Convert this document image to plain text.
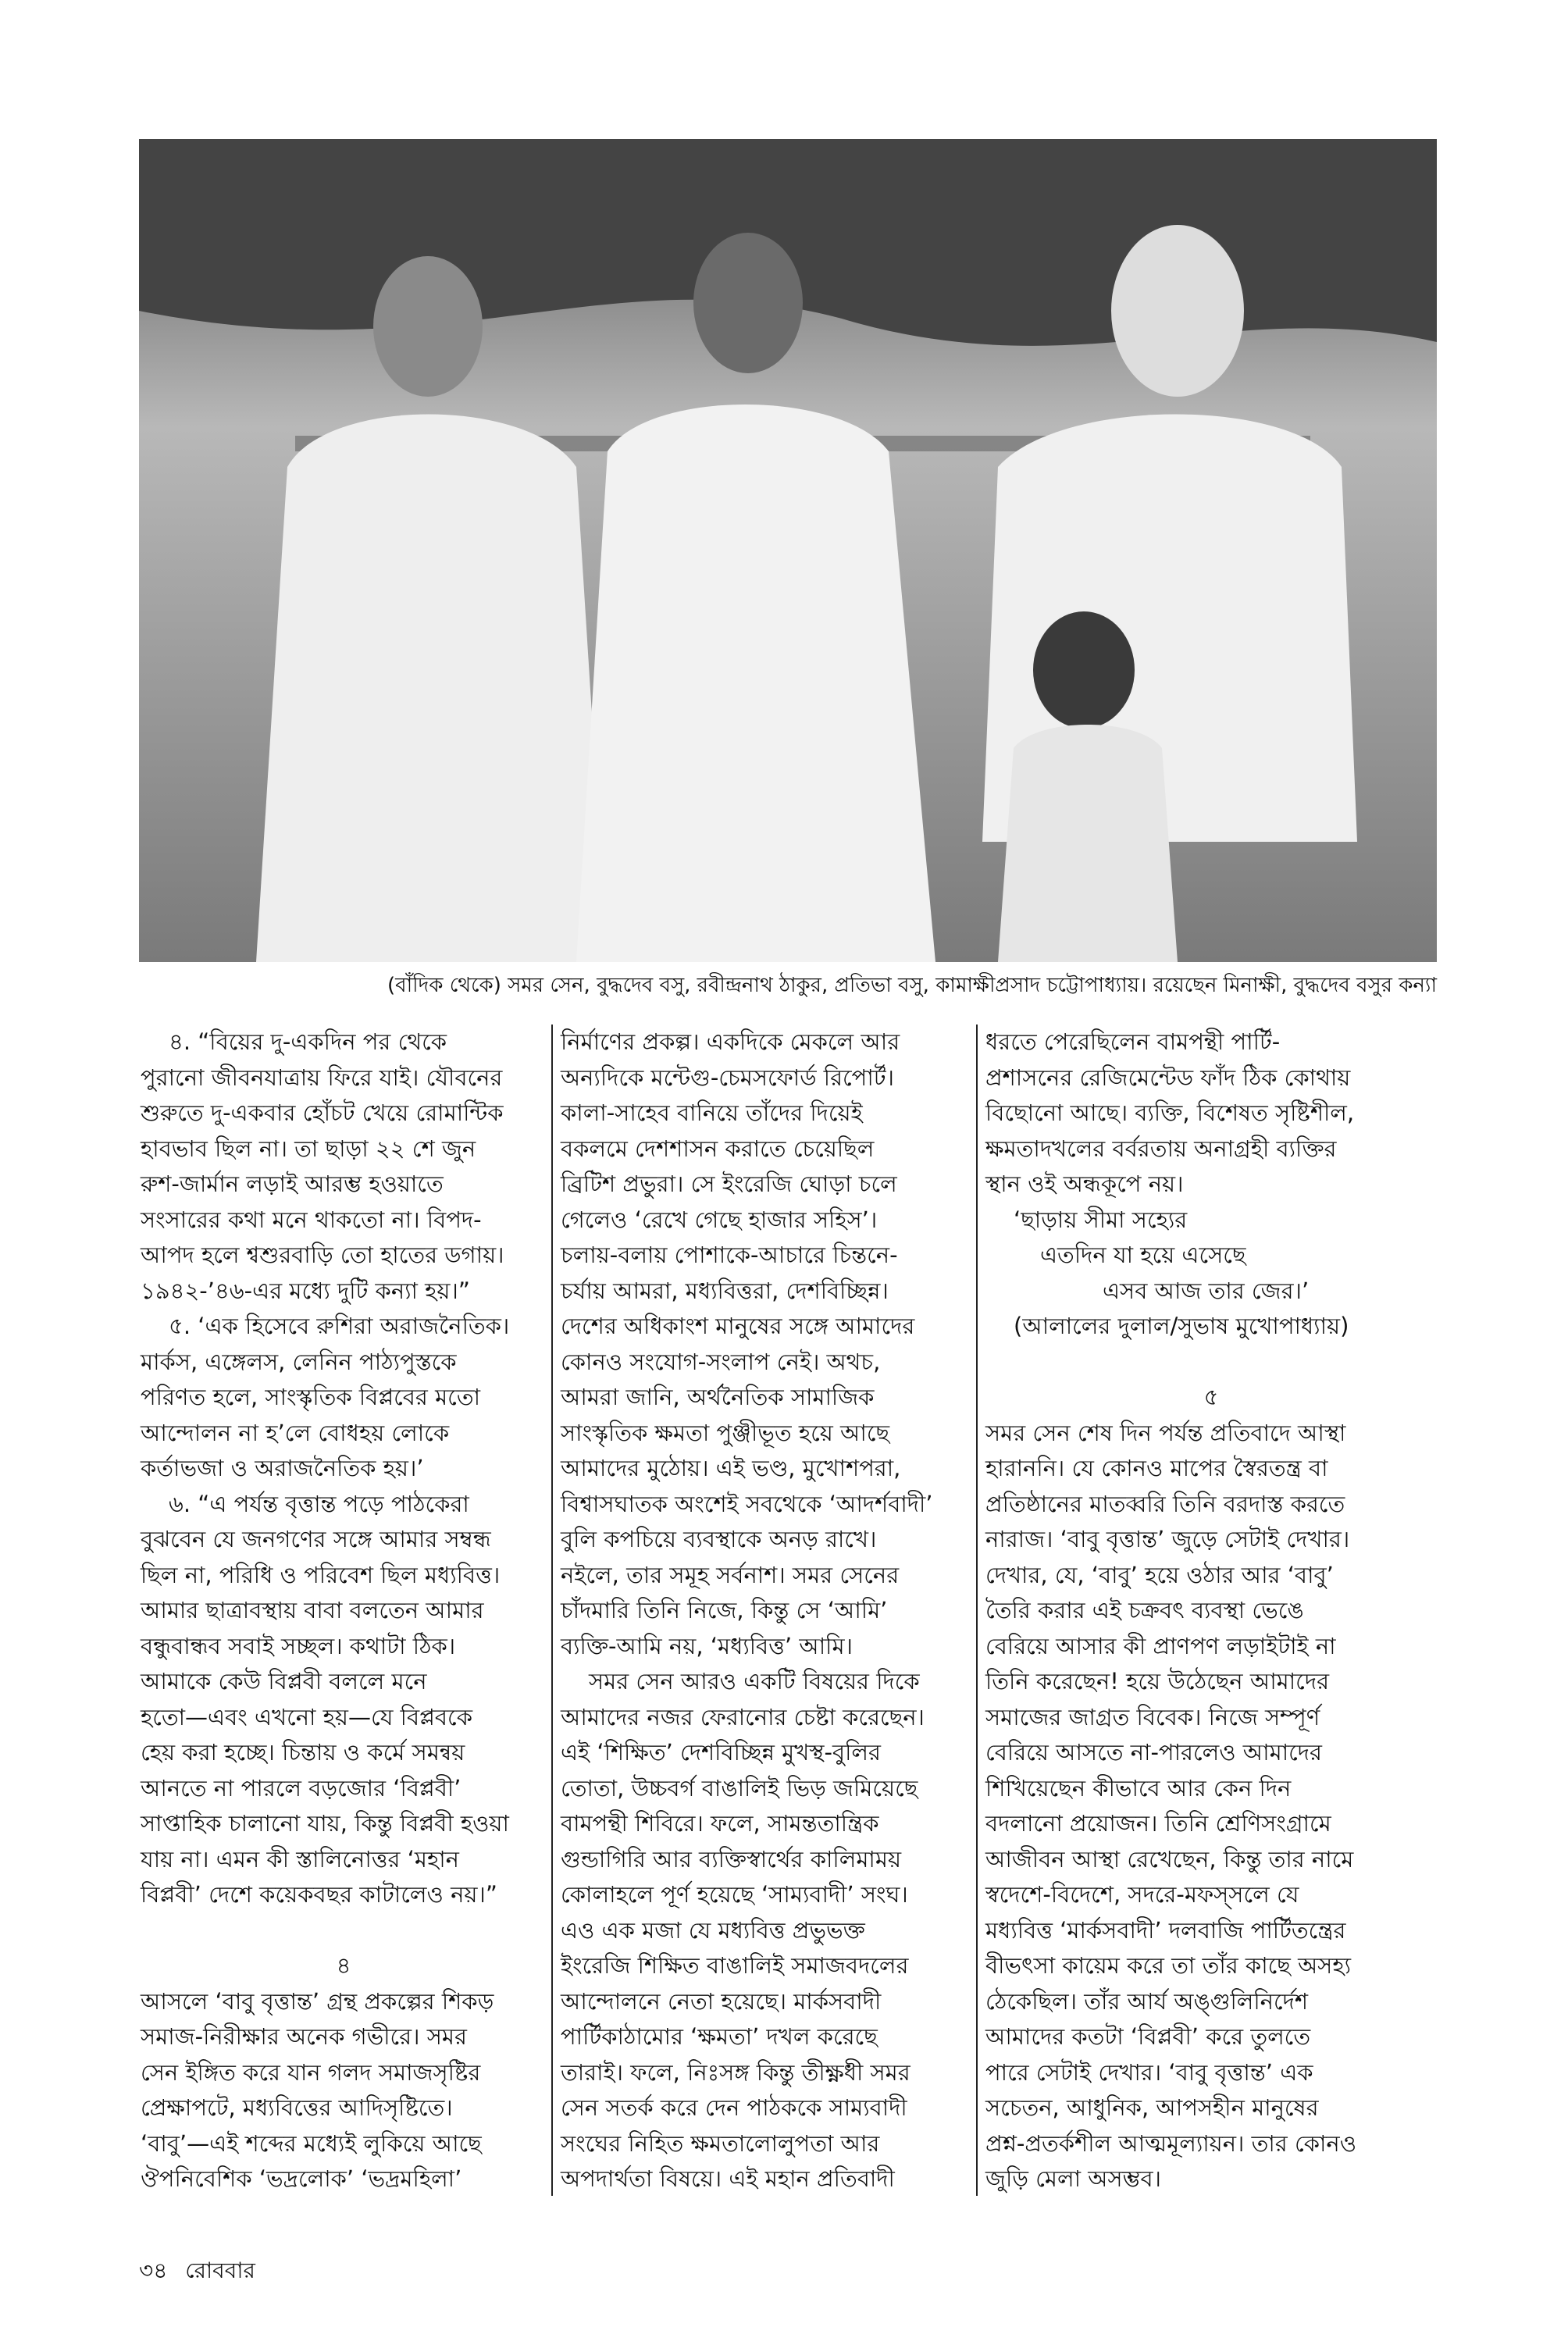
(বাঁদিক থেকে) সমর সেন, বুদ্ধদেব বসু, রবীন্দ্রনাথ ঠাকুর, প্রতিভা বসু, কামাক্ষীপ্রসাদ চট্টোপাধ্যায়। রয়েছেন মিনাক্ষী, বুদ্ধদেব বসুর কন্যা
৪. “বিয়ের দু-একদিন পর থেকে
পুরানো জীবনযাত্রায় ফিরে যাই। যৌবনের
শুরুতে দু-একবার হোঁচট খেয়ে রোমান্টিক
হাবভাব ছিল না। তা ছাড়া ২২ শে জুন
রুশ-জার্মান লড়াই আরম্ভ হওয়াতে
সংসারের কথা মনে থাকতো না। বিপদ-
আপদ হলে শ্বশুরবাড়ি তো হাতের ডগায়।
১৯৪২-’৪৬-এর মধ্যে দুটি কন্যা হয়।”
৫. ‘এক হিসেবে রুশিরা অরাজনৈতিক।
মার্কস, এঙ্গেলস, লেনিন পাঠ্যপুস্তকে
পরিণত হলে, সাংস্কৃতিক বিপ্লবের মতো
আন্দোলন না হ’লে বোধহয় লোকে
কর্তাভজা ও অরাজনৈতিক হয়।’
৬. “এ পর্যন্ত বৃত্তান্ত পড়ে পাঠকেরা
বুঝবেন যে জনগণের সঙ্গে আমার সম্বন্ধ
ছিল না, পরিধি ও পরিবেশ ছিল মধ্যবিত্ত।
আমার ছাত্রাবস্থায় বাবা বলতেন আমার
বন্ধুবান্ধব সবাই সচ্ছল। কথাটা ঠিক।
আমাকে কেউ বিপ্লবী বললে মনে
হতো—এবং এখনো হয়—যে বিপ্লবকে
হেয় করা হচ্ছে। চিন্তায় ও কর্মে সমন্বয়
আনতে না পারলে বড়জোর ‘বিপ্লবী’
সাপ্তাহিক চালানো যায়, কিন্তু বিপ্লবী হওয়া
যায় না। এমন কী স্তালিনোত্তর ‘মহান
বিপ্লবী’ দেশে কয়েকবছর কাটালেও নয়।”
৪
আসলে ‘বাবু বৃত্তান্ত’ গ্রন্থ প্রকল্পের শিকড়
সমাজ-নিরীক্ষার অনেক গভীরে। সমর
সেন ইঙ্গিত করে যান গলদ সমাজসৃষ্টির
প্রেক্ষাপটে, মধ্যবিত্তের আদিসৃষ্টিতে।
‘বাবু’—এই শব্দের মধ্যেই লুকিয়ে আছে
ঔপনিবেশিক ‘ভদ্রলোক’ ‘ভদ্রমহিলা’
নির্মাণের প্রকল্প। একদিকে মেকলে আর
অন্যদিকে মন্টেগু-চেমসফোর্ড রিপোর্ট।
কালা-সাহেব বানিয়ে তাঁদের দিয়েই
বকলমে দেশশাসন করাতে চেয়েছিল
ব্রিটিশ প্রভুরা। সে ইংরেজি ঘোড়া চলে
গেলেও ‘রেখে গেছে হাজার সহিস’।
চলায়-বলায় পোশাকে-আচারে চিন্তনে-
চর্যায় আমরা, মধ্যবিত্তরা, দেশবিচ্ছিন্ন।
দেশের অধিকাংশ মানুষের সঙ্গে আমাদের
কোনও সংযোগ-সংলাপ নেই। অথচ,
আমরা জানি, অর্থনৈতিক সামাজিক
সাংস্কৃতিক ক্ষমতা পুঞ্জীভূত হয়ে আছে
আমাদের মুঠোয়। এই ভণ্ড, মুখোশপরা,
বিশ্বাসঘাতক অংশেই সবথেকে ‘আদর্শবাদী’
বুলি কপচিয়ে ব্যবস্থাকে অনড় রাখে।
নইলে, তার সমূহ সর্বনাশ। সমর সেনের
চাঁদমারি তিনি নিজে, কিন্তু সে ‘আমি’
ব্যক্তি-আমি নয়, ‘মধ্যবিত্ত’ আমি।
সমর সেন আরও একটি বিষয়ের দিকে
আমাদের নজর ফেরানোর চেষ্টা করেছেন।
এই ‘শিক্ষিত’ দেশবিচ্ছিন্ন মুখস্থ-বুলির
তোতা, উচ্চবর্গ বাঙালিই ভিড় জমিয়েছে
বামপন্থী শিবিরে। ফলে, সামন্ততান্ত্রিক
গুন্ডাগিরি আর ব্যক্তিস্বার্থের কালিমাময়
কোলাহলে পূর্ণ হয়েছে ‘সাম্যবাদী’ সংঘ।
এও এক মজা যে মধ্যবিত্ত প্রভুভক্ত
ইংরেজি শিক্ষিত বাঙালিই সমাজবদলের
আন্দোলনে নেতা হয়েছে। মার্কসবাদী
পার্টিকাঠামোর ‘ক্ষমতা’ দখল করেছে
তারাই। ফলে, নিঃসঙ্গ কিন্তু তীক্ষ্ণধী সমর
সেন সতর্ক করে দেন পাঠককে সাম্যবাদী
সংঘের নিহিত ক্ষমতালোলুপতা আর
অপদার্থতা বিষয়ে। এই মহান প্রতিবাদী
ধরতে পেরেছিলেন বামপন্থী পার্টি-
প্রশাসনের রেজিমেন্টেড ফাঁদ ঠিক কোথায়
বিছোনো আছে। ব্যক্তি, বিশেষত সৃষ্টিশীল,
ক্ষমতাদখলের বর্বরতায় অনাগ্রহী ব্যক্তির
স্থান ওই অন্ধকূপে নয়।
‘ছাড়ায় সীমা সহ্যের
এতদিন যা হয়ে এসেছে
এসব আজ তার জের।’
(আলালের দুলাল/সুভাষ মুখোপাধ্যায়)
৫
সমর সেন শেষ দিন পর্যন্ত প্রতিবাদে আস্থা
হারাননি। যে কোনও মাপের স্বৈরতন্ত্র বা
প্রতিষ্ঠানের মাতব্বরি তিনি বরদাস্ত করতে
নারাজ। ‘বাবু বৃত্তান্ত’ জুড়ে সেটাই দেখার।
দেখার, যে, ‘বাবু’ হয়ে ওঠার আর ‘বাবু’
তৈরি করার এই চক্রবৎ ব্যবস্থা ভেঙে
বেরিয়ে আসার কী প্রাণপণ লড়াইটাই না
তিনি করেছেন! হয়ে উঠেছেন আমাদের
সমাজের জাগ্রত বিবেক। নিজে সম্পূর্ণ
বেরিয়ে আসতে না-পারলেও আমাদের
শিখিয়েছেন কীভাবে আর কেন দিন
বদলানো প্রয়োজন। তিনি শ্রেণিসংগ্রামে
আজীবন আস্থা রেখেছেন, কিন্তু তার নামে
স্বদেশে-বিদেশে, সদরে-মফস্‌সলে যে
মধ্যবিত্ত ‘মার্কসবাদী’ দলবাজি পার্টিতন্ত্রের
বীভৎসা কায়েম করে তা তাঁর কাছে অসহ্য
ঠেকেছিল। তাঁর আর্য অঙ্গুলিনির্দেশ
আমাদের কতটা ‘বিপ্লবী’ করে তুলতে
পারে সেটাই দেখার। ‘বাবু বৃত্তান্ত’ এক
সচেতন, আধুনিক, আপসহীন মানুষের
প্রশ্ন-প্রতর্কশীল আত্মমূল্যায়ন। তার কোনও
জুড়ি মেলা অসম্ভব।
৩৪ রোববার
